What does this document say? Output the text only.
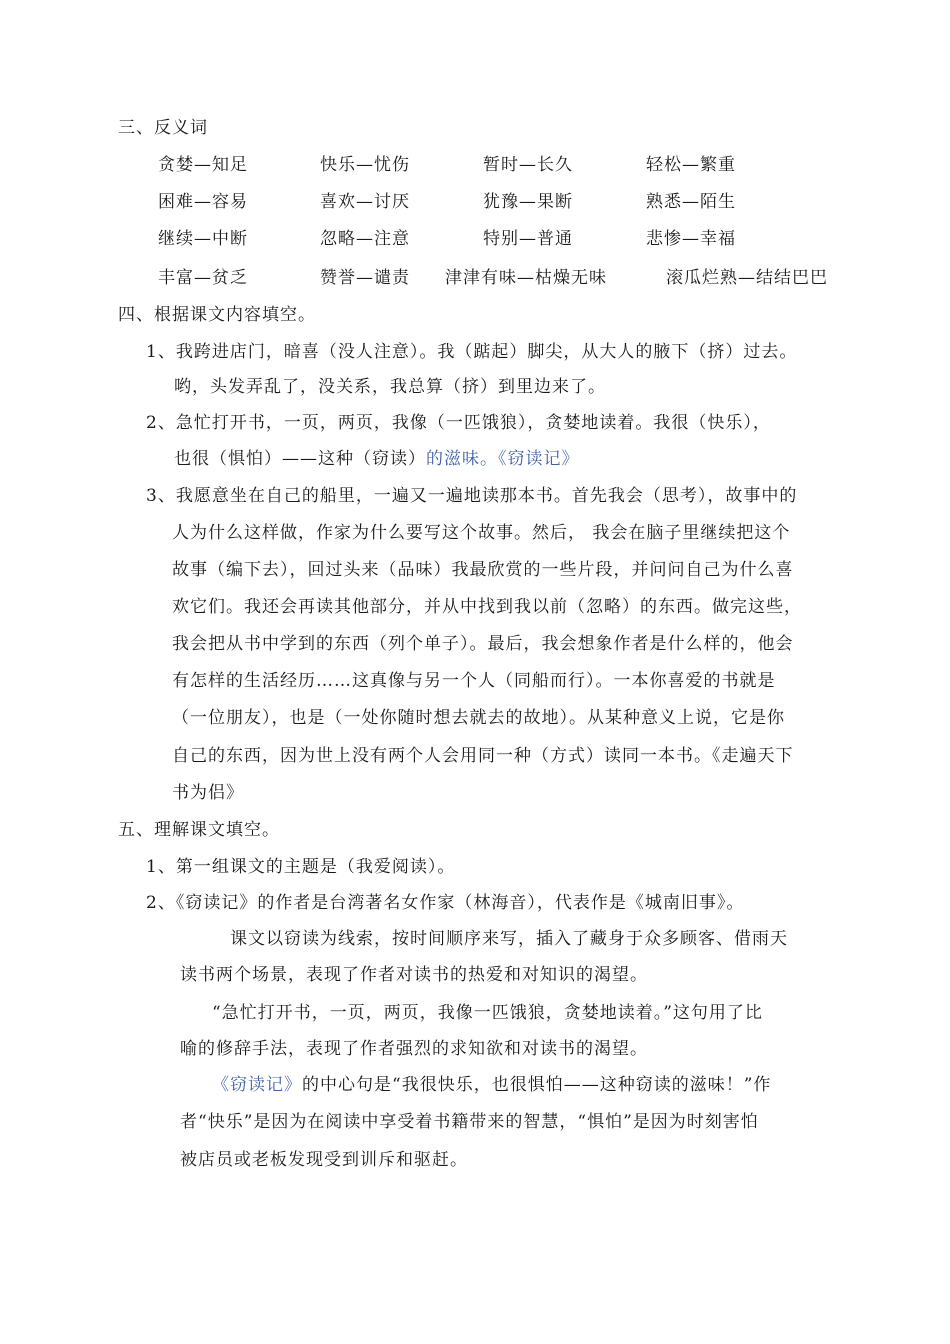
三、反义词
贪婪—知足	快乐—忧伤	暂时—长久	轻松—繁重
困难—容易	喜欢—讨厌	犹豫—果断	熟悉—陌生
继续—中断	忽略—注意	特别—普通	悲惨—幸福
丰富—贫乏	赞誉—谴责 津津有味—枯燥无味	滚瓜烂熟—结结巴巴
四、根据课文内容填空。
1、我跨进店门，暗喜（没人注意）。我（踮起）脚尖，从大人的腋下（挤）过去。
哟，头发弄乱了，没关系，我总算（挤）到里边来了。
2、急忙打开书，一页，两页，我像（一匹饿狼），贪婪地读着。我很（快乐），
也很（惧怕）——这种（窃读）的滋味。《窃读记》
3、我愿意坐在自己的船里，一遍又一遍地读那本书。首先我会（思考），故事中的
人为什么这样做，作家为什么要写这个故事。然后， 我会在脑子里继续把这个
故事（编下去），回过头来（品味）我最欣赏的一些片段，并问问自己为什么喜
欢它们。我还会再读其他部分，并从中找到我以前（忽略）的东西。做完这些，
我会把从书中学到的东西（列个单子）。最后，我会想象作者是什么样的，他会
有怎样的生活经历……这真像与另一个人（同船而行）。一本你喜爱的书就是
（一位朋友），也是（一处你随时想去就去的故地）。从某种意义上说，它是你
自己的东西，因为世上没有两个人会用同一种（方式）读同一本书。《走遍天下
书为侣》
五、理解课文填空。
1、第一组课文的主题是（我爱阅读）。
2、《窃读记》的作者是台湾著名女作家（林海音），代表作是《城南旧事》。
课文以窃读为线索，按时间顺序来写，插入了藏身于众多顾客、借雨天
读书两个场景，表现了作者对读书的热爱和对知识的渴望。
“急忙打开书，一页，两页，我像一匹饿狼，贪婪地读着。”这句用了比
喻的修辞手法，表现了作者强烈的求知欲和对读书的渴望。
《窃读记》的中心句是“我很快乐，也很惧怕——这种窃读的滋味！”作
者“快乐”是因为在阅读中享受着书籍带来的智慧，“惧怕”是因为时刻害怕
被店员或老板发现受到训斥和驱赶。
